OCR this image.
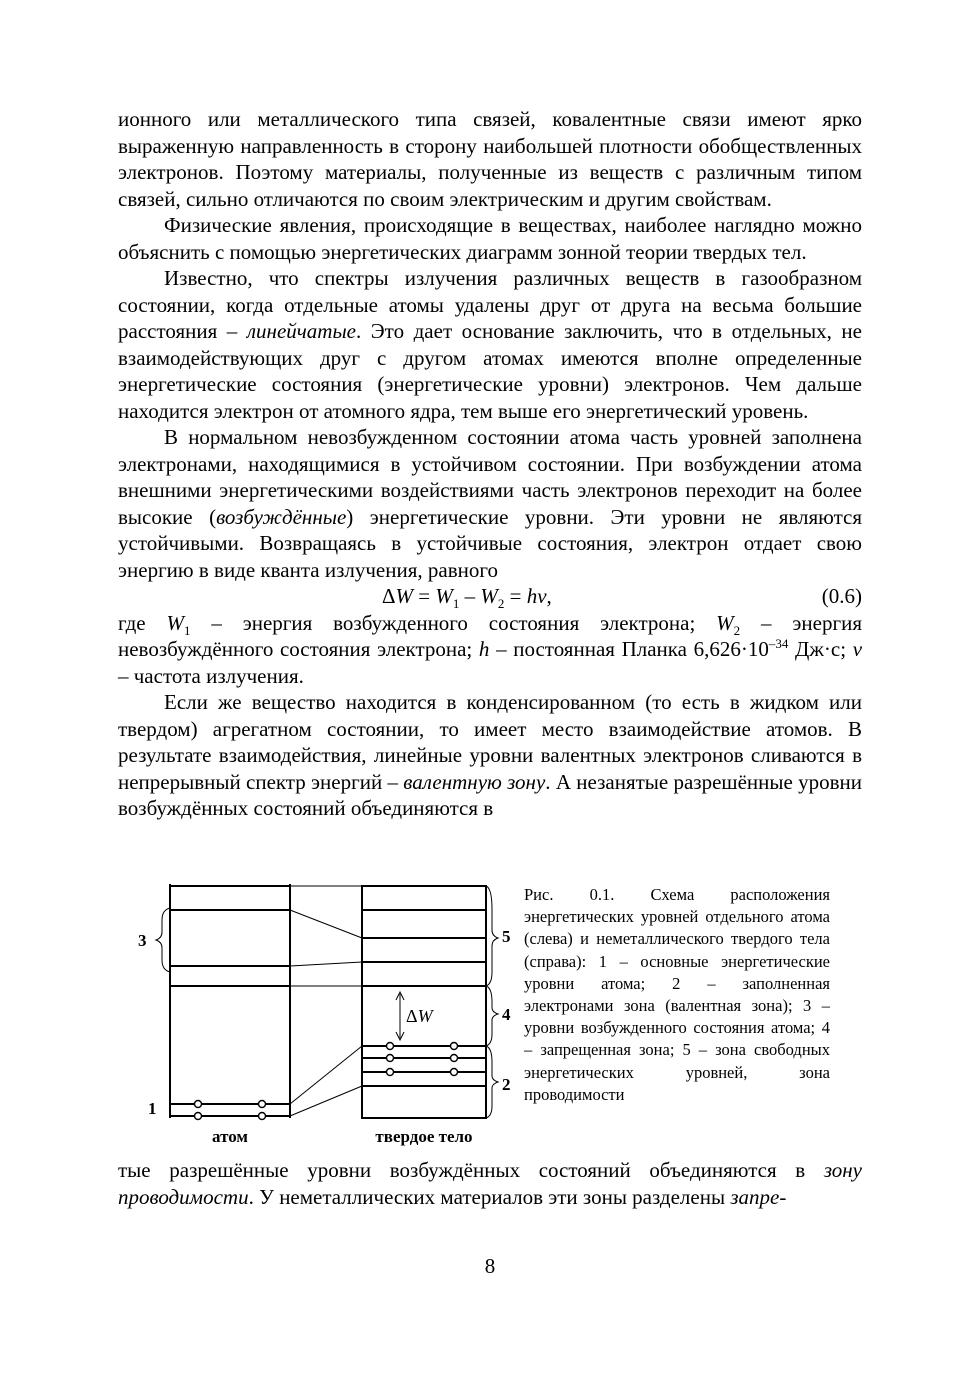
ионного или металлического типа связей, ковалентные связи имеют ярко выраженную направленность в сторону наибольшей плотности обобществленных электронов. Поэтому материалы, полученные из веществ с различным типом связей, сильно отличаются по своим электрическим и другим свойствам.

Физические явления, происходящие в веществах, наиболее наглядно можно объяснить с помощью энергетических диаграмм зонной теории твердых тел.

Известно, что спектры излучения различных веществ в газообразном состоянии, когда отдельные атомы удалены друг от друга на весьма большие расстояния – линейчатые. Это дает основание заключить, что в отдельных, не взаимодействующих друг с другом атомах имеются вполне определенные энергетические состояния (энергетические уровни) электронов. Чем дальше находится электрон от атомного ядра, тем выше его энергетический уровень.

В нормальном невозбужденном состоянии атома часть уровней заполнена электронами, находящимися в устойчивом состоянии. При возбуждении атома внешними энергетическими воздействиями часть электронов переходит на более высокие (возбуждённые) энергетические уровни. Эти уровни не являются устойчивыми. Возвращаясь в устойчивые состояния, электрон отдает свою энергию в виде кванта излучения, равного

$\Delta W = W_1 - W_2 = h\nu$,	(0.6)

где $W_1$ – энергия возбужденного состояния электрона; $W_2$ – энергия невозбуждённого состояния электрона; h – постоянная Планка $6,626\cdot 10^{-34}$ Дж·с; ν – частота излучения.

Если же вещество находится в конденсированном (то есть в жидком или твердом) агрегатном состоянии, то имеет место взаимодействие атомов. В результате взаимодействия, линейные уровни валентных электронов сливаются в непрерывный спектр энергий – валентную зону. А незанятые разрешённые уровни возбуждённых состояний объединяются в

3	5
4
2
1
ΔW
атом	твердое тело

Рис. 0.1. Схема расположения энергетических уровней отдельного атома (слева) и неметаллического твердого тела (справа): 1 – основные энергетические уровни атома; 2 – заполненная электронами зона (валентная зона); 3 – уровни возбужденного состояния атома; 4 – запрещенная зона; 5 – зона свободных энергетических уровней, зона проводимости

тые разрешённые уровни возбуждённых состояний объединяются в зону проводимости. У неметаллических материалов эти зоны разделены запре-

8
